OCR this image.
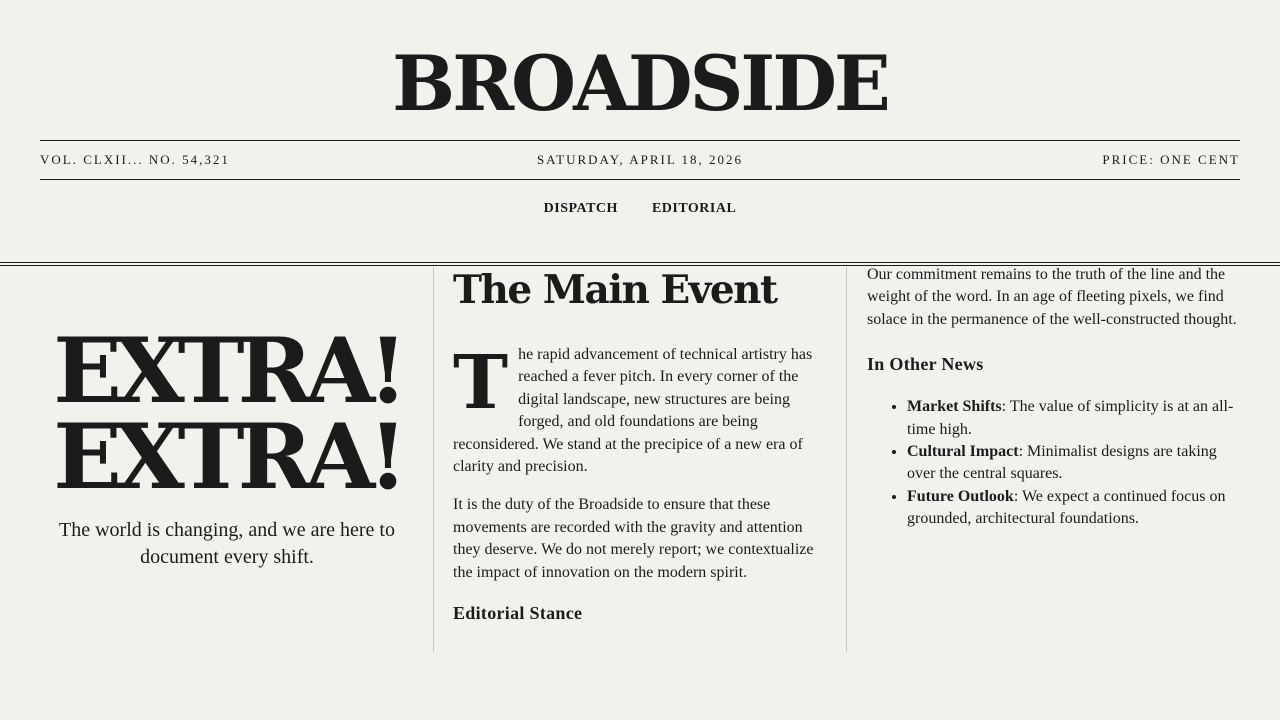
BROADSIDE
VOL. CLXII... NO. 54,321	SATURDAY, APRIL 18, 2026	PRICE: ONE CENT
DISPATCH EDITORIAL
EXTRA!
EXTRA!
The world is changing, and we are here to document every shift.
The Main Event

The rapid advancement of technical artistry has reached a fever pitch. In every corner of the digital landscape, new structures are being forged, and old foundations are being reconsidered. We stand at the precipice of a new era of clarity and precision.

It is the duty of the Broadside to ensure that these movements are recorded with the gravity and attention they deserve. We do not merely report; we contextualize the impact of innovation on the modern spirit.

Editorial Stance

Our commitment remains to the truth of the line and the weight of the word. In an age of fleeting pixels, we find solace in the permanence of the well-constructed thought.

In Other News
• Market Shifts: The value of simplicity is at an all-time high.
• Cultural Impact: Minimalist designs are taking over the central squares.
• Future Outlook: We expect a continued focus on grounded, architectural foundations.
